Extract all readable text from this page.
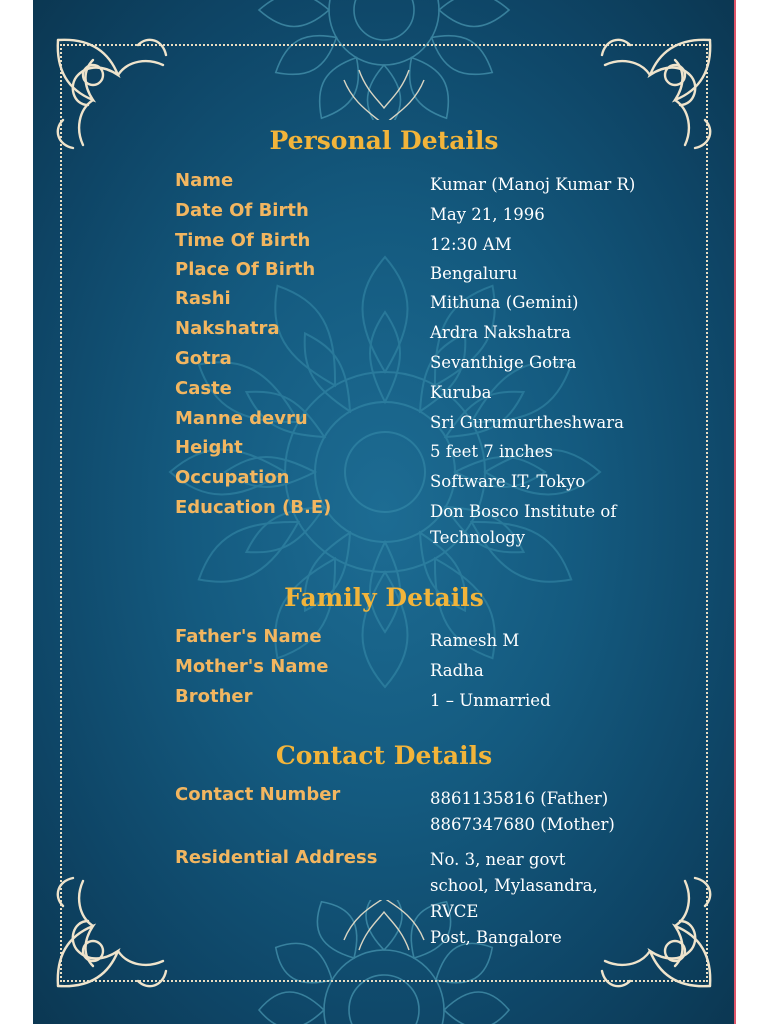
Personal Details
Name	Kumar (Manoj Kumar R)
Date Of Birth	May 21, 1996
Time Of Birth	12:30 AM
Place Of Birth	Bengaluru
Rashi	Mithuna (Gemini)
Nakshatra	Ardra Nakshatra
Gotra	Sevanthige Gotra
Caste	Kuruba
Manne devru	Sri Gurumurtheshwara
Height	5 feet 7 inches
Occupation	Software IT, Tokyo
Education (B.E)	Don Bosco Institute of Technology
Family Details
Father's Name	Ramesh M
Mother's Name	Radha
Brother	1 – Unmarried
Contact Details
Contact Number	8861135816 (Father)
8867347680 (Mother)
Residential Address	No. 3, near govt
school, Mylasandra, RVCE
Post, Bangalore
